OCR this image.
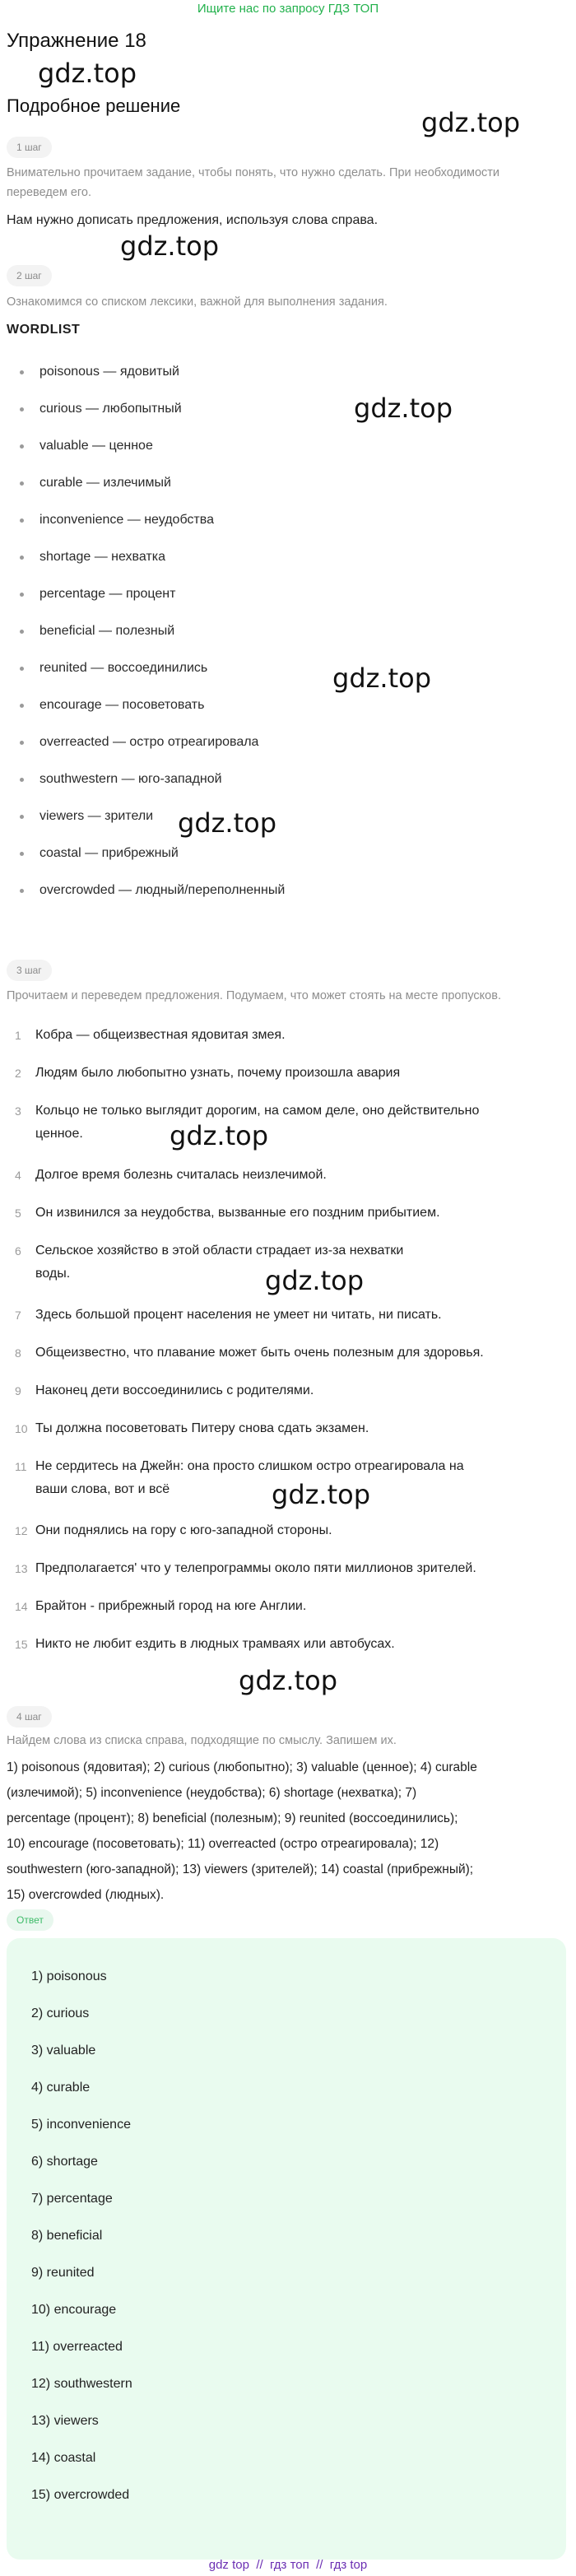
Ищите нас по запросу ГДЗ ТОП
Упражнение 18
gdz.top
gdz.top
gdz.top
gdz.top
gdz.top
gdz.top
gdz.top
gdz.top
gdz.top
gdz.top
Подробное решение
1 шаг
Внимательно прочитаем задание, чтобы понять, что нужно сделать. При необходимости
переведем его.
Нам нужно дописать предложения, используя слова справа.
2 шаг
Ознакомимся со списком лексики, важной для выполнения задания.
WORDLIST
poisonous — ядовитый
curious — любопытный
valuable — ценное
curable — излечимый
inconvenience — неудобства
shortage — нехватка
percentage — процент
beneficial — полезный
reunited — воссоединились
encourage — посоветовать
overreacted — остро отреагировала
southwestern — юго-западной
viewers — зрители
coastal — прибрежный
overcrowded — людный/переполненный
3 шаг
Прочитаем и переведем предложения. Подумаем, что может стоять на месте пропусков.
1	Кобра — общеизвестная ядовитая змея.
2	Людям было любопытно узнать, почему произошла авария
3	Кольцо не только выглядит дорогим, на самом деле, оно действительно
ценное.
4	Долгое время болезнь считалась неизлечимой.
5	Он извинился за неудобства, вызванные его поздним прибытием.
6	Сельское хозяйство в этой области страдает из-за нехватки
воды.
7	Здесь большой процент населения не умеет ни читать, ни писать.
8	Общеизвестно, что плавание может быть очень полезным для здоровья.
9	Наконец дети воссоединились с родителями.
10 Ты должна посоветовать Питеру снова сдать экзамен.
11 Не сердитесь на Джейн: она просто слишком остро отреагировала на
ваши слова, вот и всё
12 Они поднялись на гору с юго-западной стороны.
13 Предполагается' что у телепрограммы около пяти миллионов зрителей.
14 Брайтон - прибрежный город на юге Англии.
15 Никто не любит ездить в людных трамваях или автобусах.
4 шаг
Найдем слова из списка справа, подходящие по смыслу. Запишем их.
1) poisonous (ядовитая); 2) curious (любопытно); 3) valuable (ценное); 4) curable
(излечимой); 5) inconvenience (неудобства); 6) shortage (нехватка); 7)
percentage (процент); 8) beneficial (полезным); 9) reunited (воссоединились);
10) encourage (посоветовать); 11) overreacted (остро отреагировала); 12)
southwestern (юго-западной); 13) viewers (зрителей); 14) coastal (прибрежный);
15) overcrowded (людных).
Ответ
1) poisonous
2) curious
3) valuable
4) curable
5) inconvenience
6) shortage
7) percentage
8) beneficial
9) reunited
10) encourage
11) overreacted
12) southwestern
13) viewers
14) coastal
15) overcrowded
gdz top // гдз топ // гдз top
